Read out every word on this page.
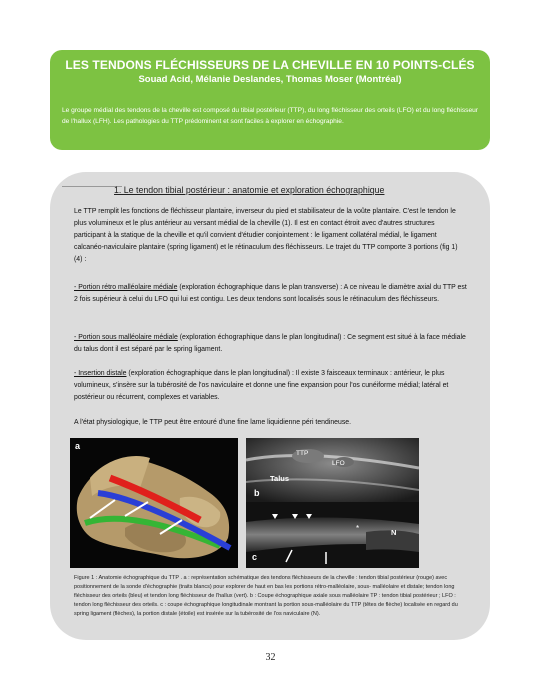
LES TENDONS FLÉCHISSEURS DE LA CHEVILLE EN 10 POINTS-CLÉS
Souad Acid, Mélanie Deslandes, Thomas Moser (Montréal)
Le groupe médial des tendons de la cheville est composé du tibial postérieur (TTP), du long fléchisseur des orteils (LFO) et du long fléchisseur de l'hallux (LFH). Les pathologies du TTP prédominent et sont faciles à explorer en échographie.
1. Le tendon tibial postérieur : anatomie et exploration échographique

Le TTP remplit les fonctions de fléchisseur plantaire, inverseur du pied et stabilisateur de la voûte plantaire. C'est le tendon le plus volumineux et le plus antérieur au versant médial de la cheville (1). Il est en contact étroit avec d'autres structures participant à la statique de la cheville et qu'il convient d'étudier conjointement : le ligament collatéral médial, le ligament calcanéo-naviculaire plantaire (spring ligament) et le rétinaculum des fléchisseurs. Le trajet du TTP comporte 3 portions (fig 1) (4) :

- Portion rétro malléolaire médiale (exploration échographique dans le plan transverse) : A ce niveau le diamètre axial du TTP est 2 fois supérieur à celui du LFO qui lui est contigu. Les deux tendons sont localisés sous le rétinaculum des fléchisseurs.

- Portion sous malléolaire médiale (exploration échographique dans le plan longitudinal) : Ce segment est situé à la face médiale du talus dont il est séparé par le spring ligament.

- Insertion distale (exploration échographique dans le plan longitudinal) : Il existe 3 faisceaux terminaux : antérieur, le plus volumineux, s'insère sur la tubérosité de l'os naviculaire et donne une fine expansion pour l'os cunéiforme médial; latéral et postérieur ou récurrent, complexes et variables.

A l'état physiologique, le TTP peut être entouré d'une fine lame liquidienne péri tendineuse.

a
TTP
LFO
Talus
b
*	N
c
Figure 1 : Anatomie échographique du TTP . a : représentation schématique des tendons fléchisseurs de la cheville : tendon tibial postérieur (rouge) avec positionnement de la sonde d'échographie (traits blancs) pour explorer de haut en bas les portions rétro-malléolaire, sous- malléolaire et distale; tendon long fléchisseur des orteils (bleu) et tendon long fléchisseur de l'hallux (vert). b : Coupe échographique axiale sous malléolaire TP : tendon tibial postérieur ; LFO : tendon long fléchisseur des orteils. c : coupe échographique longitudinale montrant la portion sous-malléolaire du TTP (têtes de flèche) localisée en regard du spring ligament (flèches), la portion distale (étoile) est insérée sur la tubérosité de l'os naviculaire (N).
32
